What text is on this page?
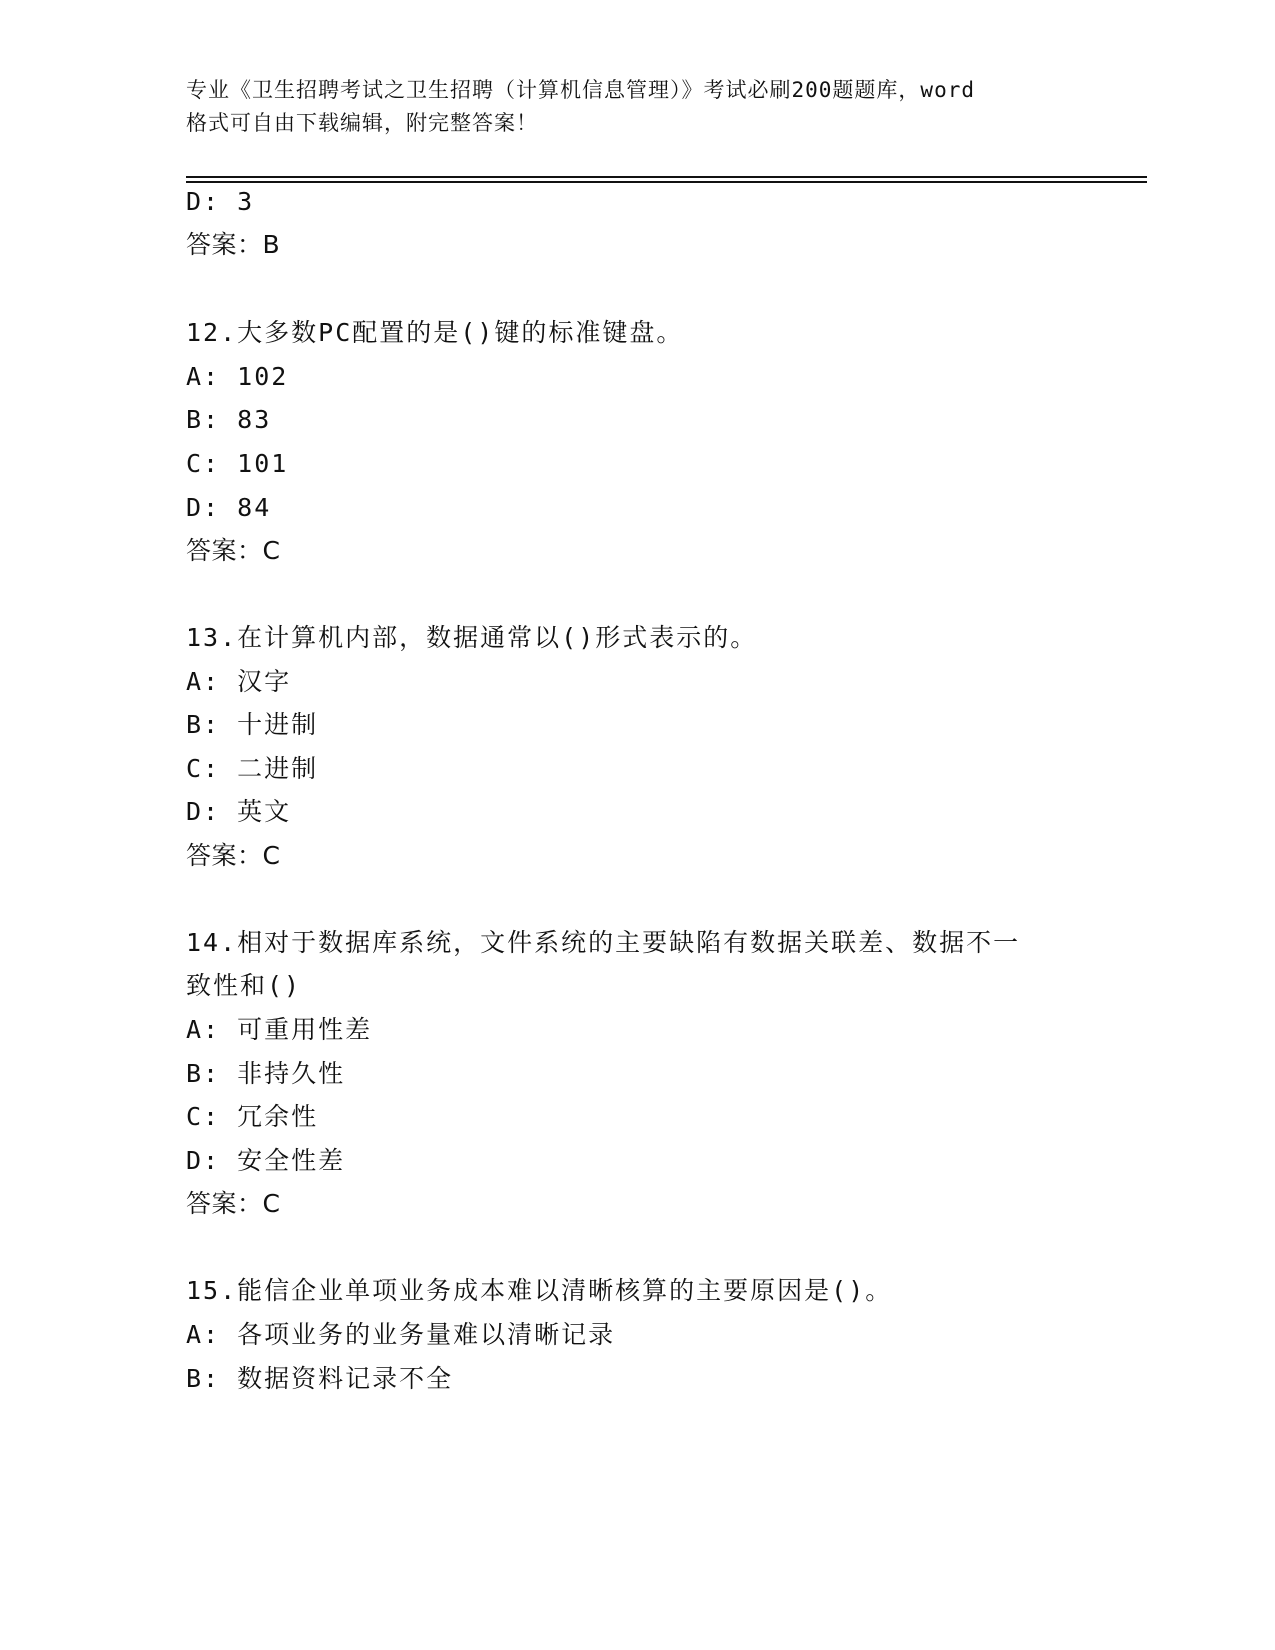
专业《卫生招聘考试之卫生招聘（计算机信息管理）》考试必刷200题题库，word
格式可自由下载编辑，附完整答案！
D: 3
答案：B
12.大多数PC配置的是()键的标准键盘。
A: 102
B: 83
C: 101
D: 84
答案：C
13.在计算机内部，数据通常以()形式表示的。
A: 汉字
B: 十进制
C: 二进制
D: 英文
答案：C
14.相对于数据库系统，文件系统的主要缺陷有数据关联差、数据不一
致性和()
A: 可重用性差
B: 非持久性
C: 冗余性
D: 安全性差
答案：C
15.能信企业单项业务成本难以清晰核算的主要原因是()。
A: 各项业务的业务量难以清晰记录
B: 数据资料记录不全
